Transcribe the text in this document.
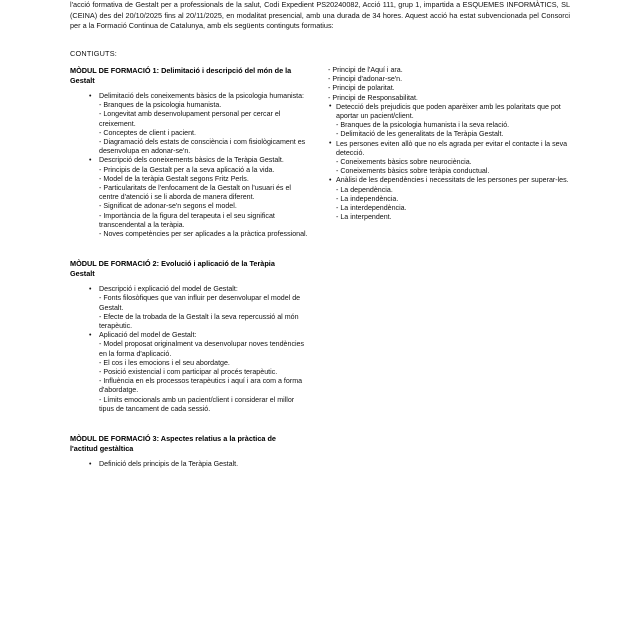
l'acció formativa de Gestalt per a professionals de la salut, Codi Expedient PS20240082, Acció 111, grup 1, impartida a ESQUEMES INFORMÀTICS, SL (CEINA) des del 20/10/2025 fins al 20/11/2025, en modalitat presencial, amb una durada de 34 hores. Aquest acció ha estat subvencionada pel Consorci per a la Formació Continua de Catalunya, amb els següents continguts formatius:

CONTIGUTS:
MÒDUL DE FORMACIÓ 1: Delimitació i descripció del món de la Gestalt
• Delimitació dels coneixements bàsics de la psicologia humanista:
- Branques de la psicologia humanista.
- Longevitat amb desenvolupament personal per cercar el creixement.
- Conceptes de client i pacient.
- Diagramació dels estats de consciència i com fisiològicament es desenvolupa en adonar-se'n.
• Descripció dels coneixements bàsics de la Teràpia Gestalt.
- Principis de la Gestalt per a la seva aplicació a la vida.
- Model de la teràpia Gestalt segons Fritz Perls.
- Particularitats de l'enfocament de la Gestalt on l'usuari és el centre d'atenció i se li aborda de manera diferent.
- Significat de adonar-se'n segons el model.
- Importància de la figura del terapeuta i el seu significat transcendental a la teràpia.
- Noves competències per ser aplicades a la pràctica professional.
MÒDUL DE FORMACIÓ 2: Evolució i aplicació de la Teràpia Gestalt
• Descripció i explicació del model de Gestalt:
- Fonts filosòfiques que van influir per desenvolupar el model de Gestalt.
- Efecte de la trobada de la Gestalt i la seva repercussió al món terapèutic.
• Aplicació del model de Gestalt:
- Model proposat originalment va desenvolupar noves tendències en la forma d'aplicació.
- El cos i les emocions i el seu abordatge.
- Posició existencial i com participar al procés terapèutic.
- Influència en els processos terapèutics i aquí i ara com a forma d'abordatge.
- Límits emocionals amb un pacient/client i considerar el millor tipus de tancament de cada sessió.
MÒDUL DE FORMACIÓ 3: Aspectes relatius a la pràctica de l'actitud gestàltica
• Definició dels principis de la Teràpia Gestalt.
- Principi de l'Aquí i ara.
- Principi d'adonar-se'n.
- Principi de polaritat.
- Principi de Responsabilitat.
• Detecció dels prejudicis que poden aparèixer amb les polaritats que pot aportar un pacient/client.
- Branques de la psicologia humanista i la seva relació.
- Delimitació de les generalitats de la Teràpia Gestalt.
• Les persones eviten allò que no els agrada per evitar el contacte i la seva detecció.
- Coneixements bàsics sobre neurociència.
- Coneixements bàsics sobre teràpia conductual.
• Anàlisi de les dependències i necessitats de les persones per superar-les.
- La dependència.
- La independència.
- La interdependència.
- La interpendent.
